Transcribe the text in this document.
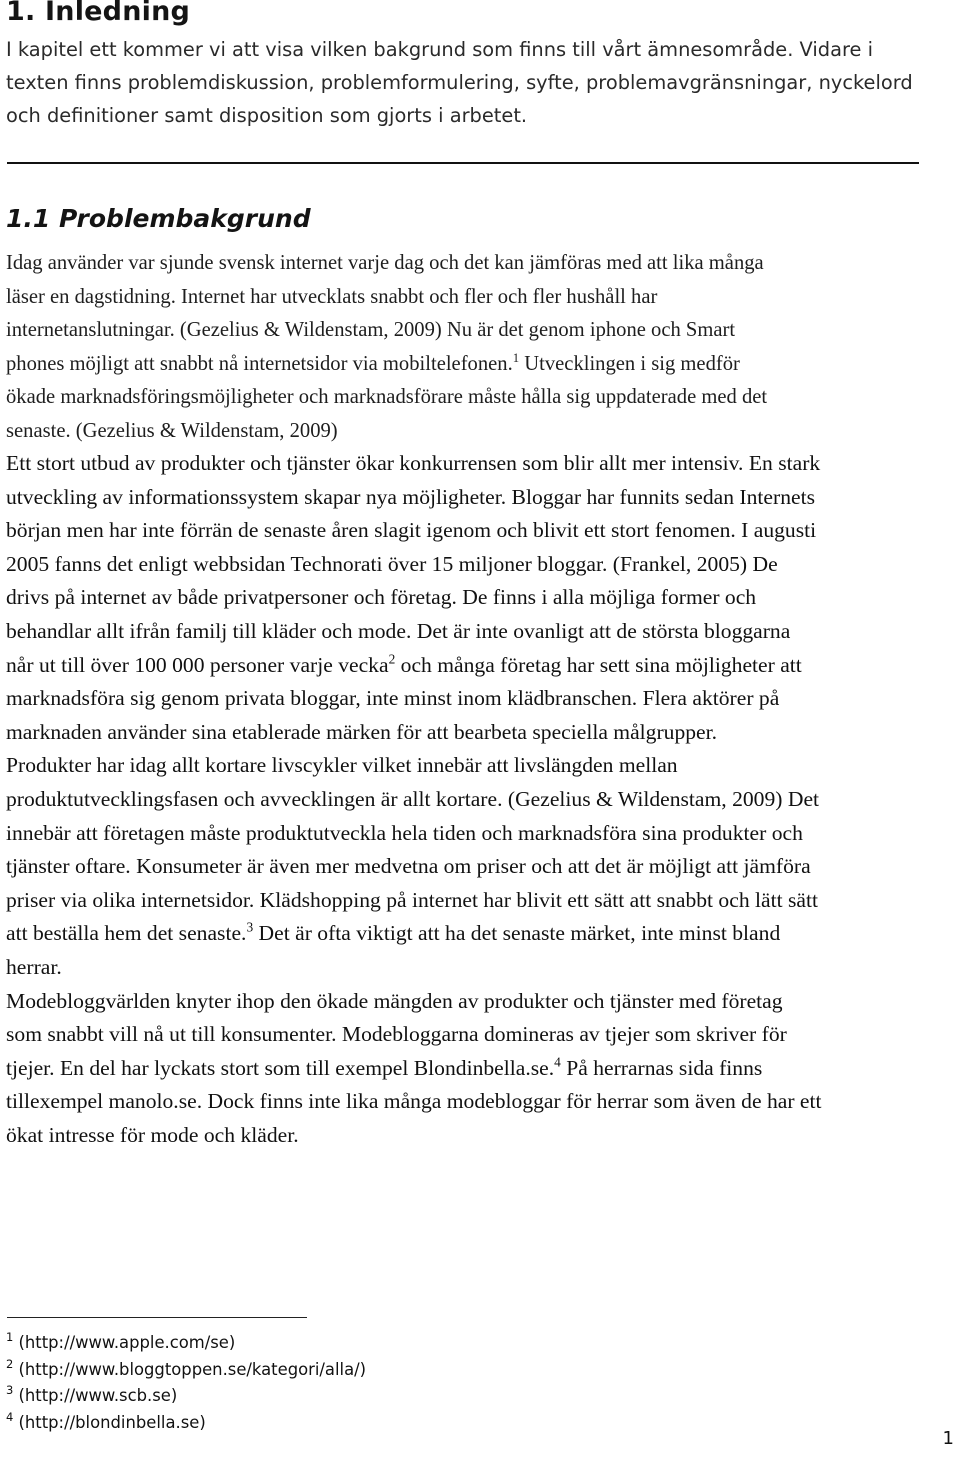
1. Inledning
I kapitel ett kommer vi att visa vilken bakgrund som finns till vårt ämnesområde. Vidare i
texten finns problemdiskussion, problemformulering, syfte, problemavgränsningar, nyckelord
och definitioner samt disposition som gjorts i arbetet.
1.1 Problembakgrund
Idag använder var sjunde svensk internet varje dag och det kan jämföras med att lika många
läser en dagstidning. Internet har utvecklats snabbt och fler och fler hushåll har
internetanslutningar. (Gezelius & Wildenstam, 2009) Nu är det genom iphone och Smart
phones möjligt att snabbt nå internetsidor via mobiltelefonen.$^1$ Utvecklingen i sig medför
ökade marknadsföringsmöjligheter och marknadsförare måste hålla sig uppdaterade med det
senaste. (Gezelius & Wildenstam, 2009)
Ett stort utbud av produkter och tjänster ökar konkurrensen som blir allt mer intensiv. En stark
utveckling av informationssystem skapar nya möjligheter. Bloggar har funnits sedan Internets
början men har inte förrän de senaste åren slagit igenom och blivit ett stort fenomen. I augusti
2005 fanns det enligt webbsidan Technorati över 15 miljoner bloggar. (Frankel, 2005) De
drivs på internet av både privatpersoner och företag. De finns i alla möjliga former och
behandlar allt ifrån familj till kläder och mode. Det är inte ovanligt att de största bloggarna
når ut till över 100 000 personer varje vecka$^2$ och många företag har sett sina möjligheter att
marknadsföra sig genom privata bloggar, inte minst inom klädbranschen. Flera aktörer på
marknaden använder sina etablerade märken för att bearbeta speciella målgrupper.
Produkter har idag allt kortare livscykler vilket innebär att livslängden mellan
produktutvecklingsfasen och avvecklingen är allt kortare. (Gezelius & Wildenstam, 2009) Det
innebär att företagen måste produktutveckla hela tiden och marknadsföra sina produkter och
tjänster oftare. Konsumeter är även mer medvetna om priser och att det är möjligt att jämföra
priser via olika internetsidor. Klädshopping på internet har blivit ett sätt att snabbt och lätt sätt
att beställa hem det senaste.$^3$ Det är ofta viktigt att ha det senaste märket, inte minst bland
herrar.
Modebloggvärlden knyter ihop den ökade mängden av produkter och tjänster med företag
som snabbt vill nå ut till konsumenter. Modebloggarna domineras av tjejer som skriver för
tjejer. En del har lyckats stort som till exempel Blondinbella.se.$^4$ På herrarnas sida finns
tillexempel manolo.se. Dock finns inte lika många modebloggar för herrar som även de har ett
ökat intresse för mode och kläder.
$^1$ (http://www.apple.com/se)
$^2$ (http://www.bloggtoppen.se/kategori/alla/)
$^3$ (http://www.scb.se)
$^4$ (http://blondinbella.se)
1
